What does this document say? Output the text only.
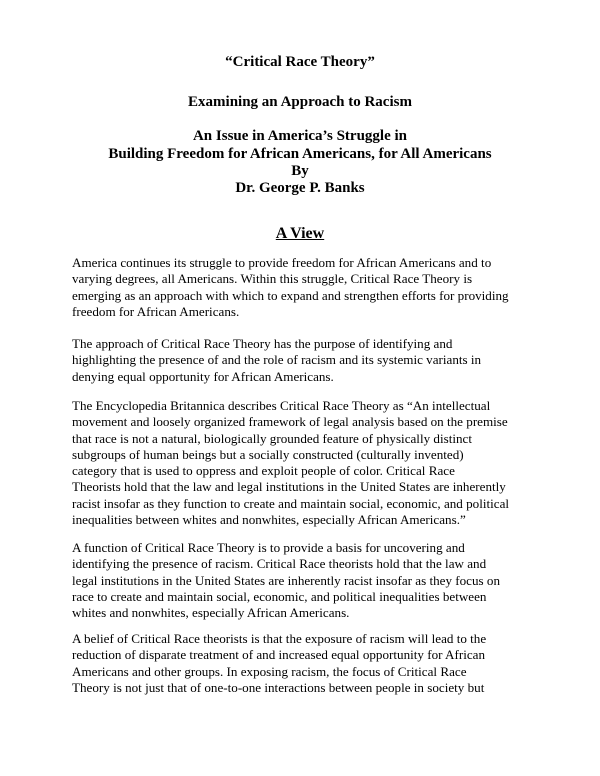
“Critical Race Theory”
Examining an Approach to Racism
An Issue in America’s Struggle in
Building Freedom for African Americans, for All Americans
By
Dr. George P. Banks
A View
America continues its struggle to provide freedom for African Americans and to
varying degrees, all Americans. Within this struggle, Critical Race Theory is
emerging as an approach with which to expand and strengthen efforts for providing
freedom for African Americans.
The approach of Critical Race Theory has the purpose of identifying and
highlighting the presence of and the role of racism and its systemic variants in
denying equal opportunity for African Americans.
The Encyclopedia Britannica describes Critical Race Theory as “An intellectual
movement and loosely organized framework of legal analysis based on the premise
that race is not a natural, biologically grounded feature of physically distinct
subgroups of human beings but a socially constructed (culturally invented)
category that is used to oppress and exploit people of color. Critical Race
Theorists hold that the law and legal institutions in the United States are inherently
racist insofar as they function to create and maintain social, economic, and political
inequalities between whites and nonwhites, especially African Americans.”
A function of Critical Race Theory is to provide a basis for uncovering and
identifying the presence of racism. Critical Race theorists hold that the law and
legal institutions in the United States are inherently racist insofar as they focus on
race to create and maintain social, economic, and political inequalities between
whites and nonwhites, especially African Americans.
A belief of Critical Race theorists is that the exposure of racism will lead to the
reduction of disparate treatment of and increased equal opportunity for African
Americans and other groups. In exposing racism, the focus of Critical Race
Theory is not just that of one-to-one interactions between people in society but
